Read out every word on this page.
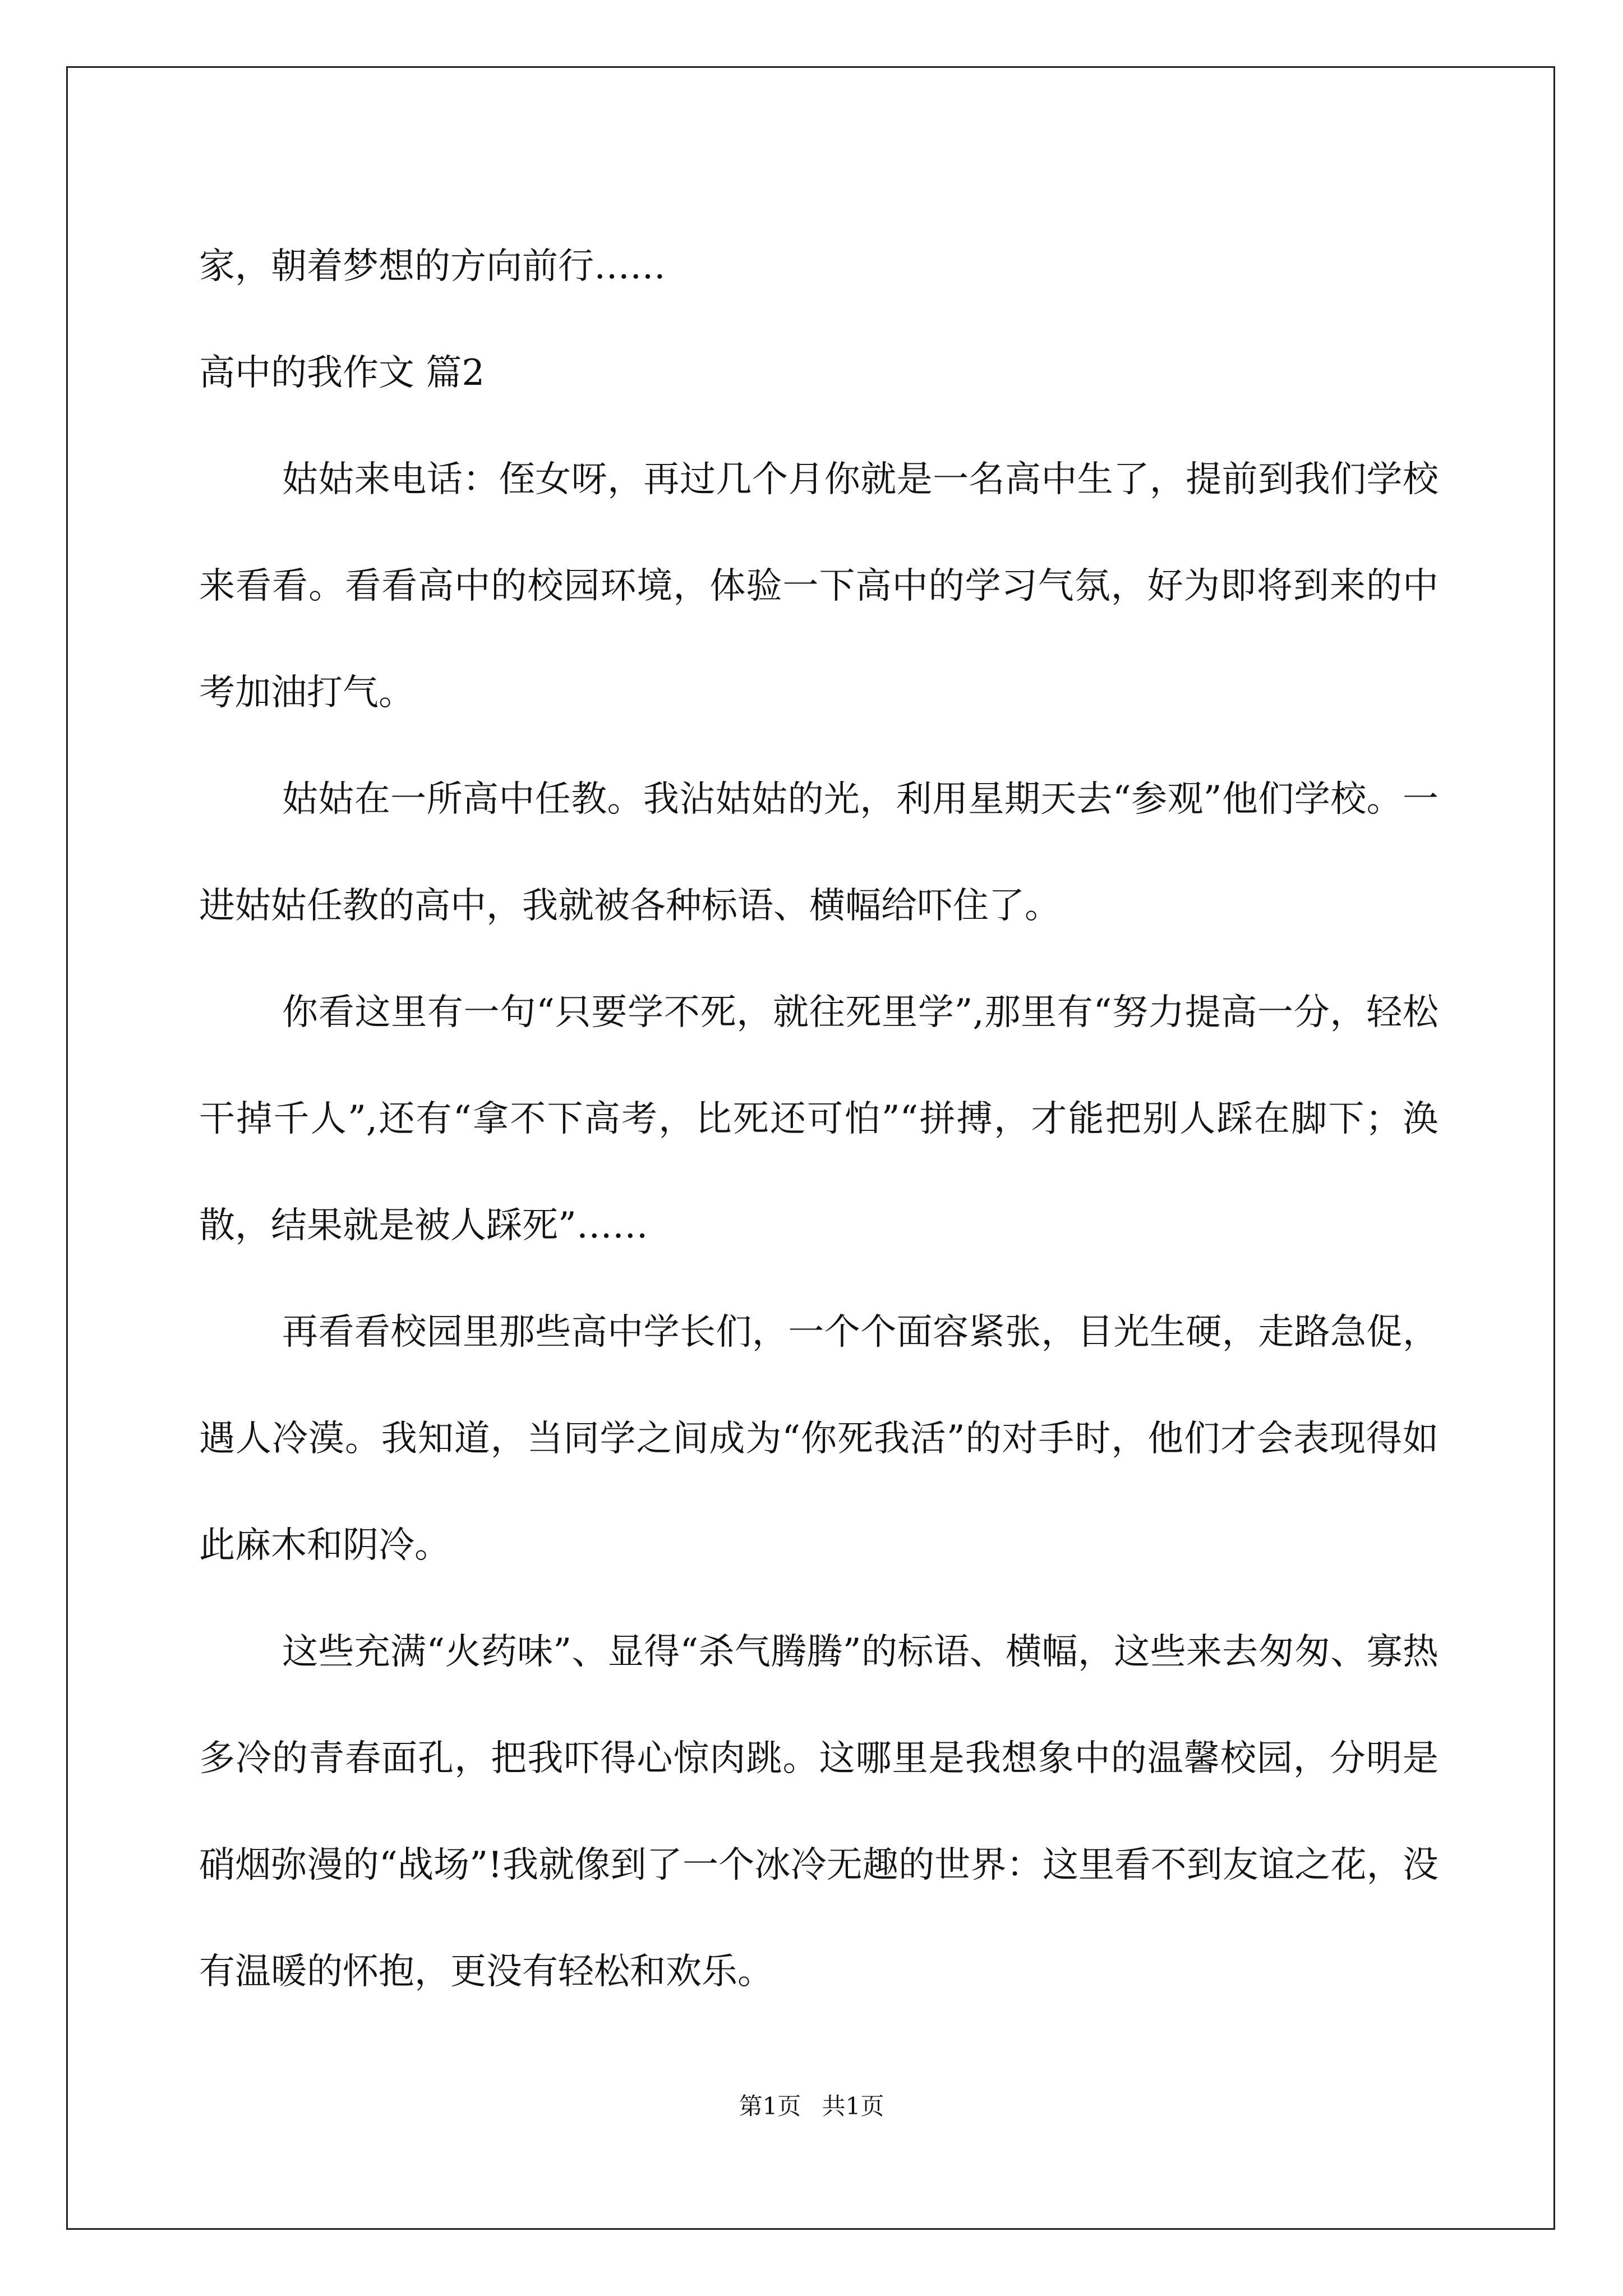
家，朝着梦想的方向前行……

高中的我作文 篇2

姑姑来电话：侄女呀，再过几个月你就是一名高中生了，提前到我们学校来看看。看看高中的校园环境，体验一下高中的学习气氛，好为即将到来的中考加油打气。

姑姑在一所高中任教。我沾姑姑的光，利用星期天去“参观”他们学校。一进姑姑任教的高中，我就被各种标语、横幅给吓住了。

你看这里有一句“只要学不死，就往死里学”,那里有“努力提高一分，轻松干掉千人”,还有“拿不下高考，比死还可怕”“拼搏，才能把别人踩在脚下；涣散，结果就是被人踩死”……

再看看校园里那些高中学长们，一个个面容紧张，目光生硬，走路急促，遇人冷漠。我知道，当同学之间成为“你死我活”的对手时，他们才会表现得如此麻木和阴冷。

这些充满“火药味”、显得“杀气腾腾”的标语、横幅，这些来去匆匆、寡热多冷的青春面孔，把我吓得心惊肉跳。这哪里是我想象中的温馨校园，分明是硝烟弥漫的“战场”!我就像到了一个冰冷无趣的世界：这里看不到友谊之花，没有温暖的怀抱，更没有轻松和欢乐。

第1页 共1页
